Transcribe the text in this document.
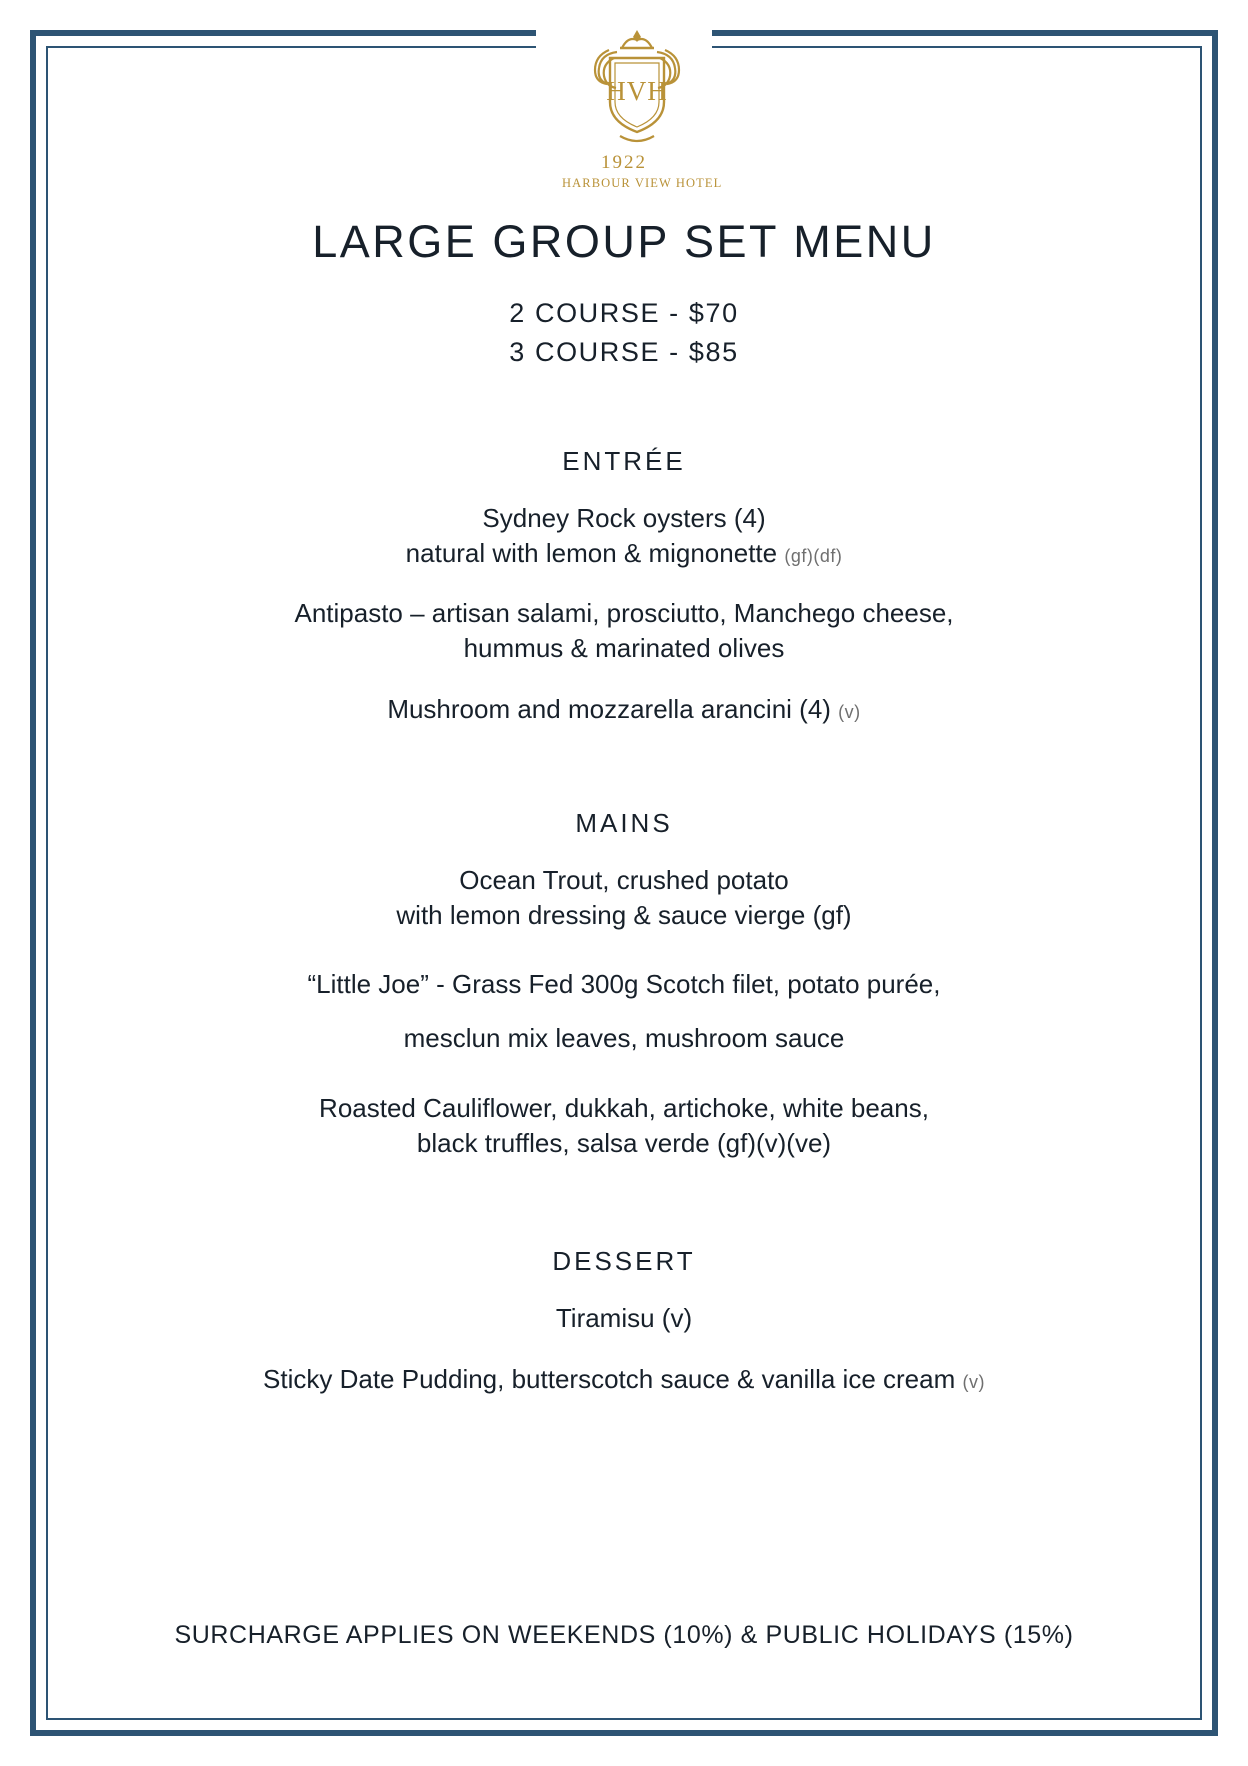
HVH
1922
HARBOUR VIEW HOTEL
LARGE GROUP SET MENU
2 COURSE - $70
3 COURSE - $85
ENTRÉE

Sydney Rock oysters (4)
natural with lemon & mignonette (gf)(df)

Antipasto – artisan salami, prosciutto, Manchego cheese,
hummus & marinated olives

Mushroom and mozzarella arancini (4) (v)

MAINS

Ocean Trout, crushed potato
with lemon dressing & sauce vierge (gf)

“Little Joe” - Grass Fed 300g Scotch filet, potato purée,
mesclun mix leaves, mushroom sauce

Roasted Cauliflower, dukkah, artichoke, white beans,
black truffles, salsa verde (gf)(v)(ve)

DESSERT

Tiramisu (v)

Sticky Date Pudding, butterscotch sauce & vanilla ice cream (v)

SURCHARGE APPLIES ON WEEKENDS (10%) & PUBLIC HOLIDAYS (15%)
